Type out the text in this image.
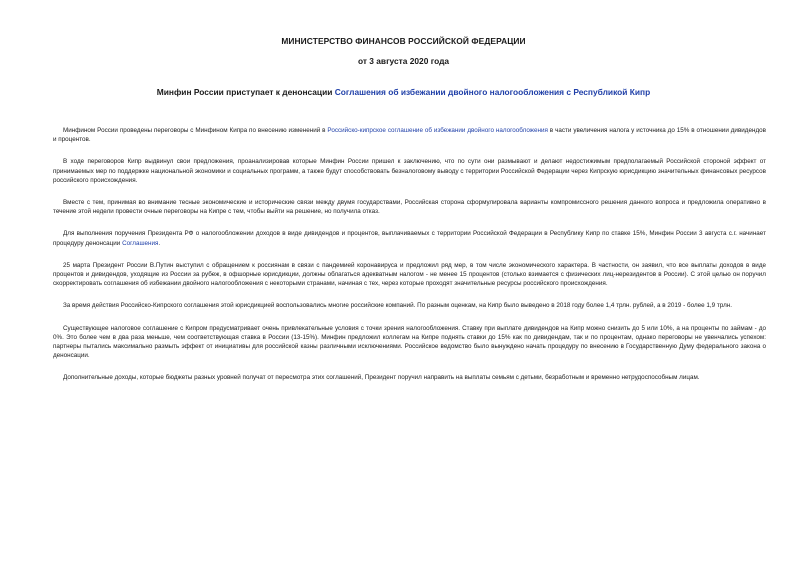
МИНИСТЕРСТВО ФИНАНСОВ РОССИЙСКОЙ ФЕДЕРАЦИИ
от 3 августа 2020 года
Минфин России приступает к денонсации Соглашения об избежании двойного налогообложения с Республикой Кипр

Минфином России проведены переговоры с Минфином Кипра по внесению изменений в Российско-кипрское соглашение об избежании двойного налогообложения в части увеличения налога у источника до 15% в отношении дивидендов и процентов.

В ходе переговоров Кипр выдвинул свои предложения, проанализировав которые Минфин России пришел к заключению, что по сути они размывают и делают недостижимым предполагаемый Российской стороной эффект от принимаемых мер по поддержке национальной экономики и социальных программ, а также будут способствовать безналоговому выводу с территории Российской Федерации через Кипрскую юрисдикцию значительных финансовых ресурсов российского происхождения.

Вместе с тем, принимая во внимание тесные экономические и исторические связи между двумя государствами, Российская сторона сформулировала варианты компромиссного решения данного вопроса и предложила оперативно в течение этой недели провести очные переговоры на Кипре с тем, чтобы выйти на решение, но получила отказ.

Для выполнения поручения Президента РФ о налогообложении доходов в виде дивидендов и процентов, выплачиваемых с территории Российской Федерации в Республику Кипр по ставке 15%, Минфин России 3 августа с.г. начинает процедуру денонсации Соглашения.

25 марта Президент России В.Путин выступил с обращением к россиянам в связи с пандемией коронавируса и предложил ряд мер, в том числе экономического характера. В частности, он заявил, что все выплаты доходов в виде процентов и дивидендов, уходящие из России за рубеж, в офшорные юрисдикции, должны облагаться адекватным налогом - не менее 15 процентов (столько взимается с физических лиц-нерезидентов в России). С этой целью он поручил скорректировать соглашения об избежании двойного налогообложения с некоторыми странами, начиная с тех, через которые проходят значительные ресурсы российского происхождения.

За время действия Российско-Кипрского соглашения этой юрисдикцией воспользовались многие российские компаний. По разным оценкам, на Кипр было выведено в 2018 году более 1,4 трлн. рублей, а в 2019 - более 1,9 трлн.

Существующее налоговое соглашение с Кипром предусматривает очень привлекательные условия с точки зрения налогообложения. Ставку при выплате дивидендов на Кипр можно снизить до 5 или 10%, а на проценты по займам - до 0%. Это более чем в два раза меньше, чем соответствующая ставка в России (13-15%). Минфин предложил коллегам на Кипре поднять ставки до 15% как по дивидендам, так и по процентам, однако переговоры не увенчались успехом: партнеры пытались максимально размыть эффект от инициативы для российской казны различными исключениями. Российское ведомство было вынуждено начать процедуру по внесению в Государственную Думу федерального закона о денонсации.

Дополнительные доходы, которые бюджеты разных уровней получат от пересмотра этих соглашений, Президент поручил направить на выплаты семьям с детьми, безработным и временно нетрудоспособным лицам.
